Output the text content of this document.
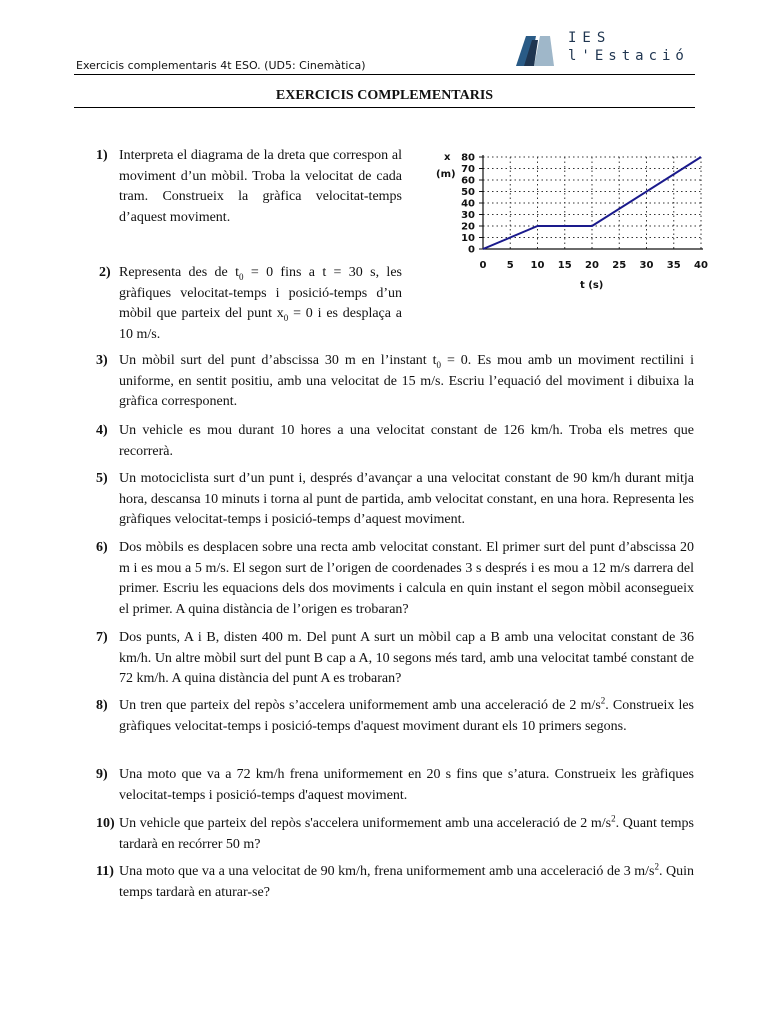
Exercicis complementaris 4t ESO. (UD5: Cinemàtica)
IES
l'Estació
EXERCICIS COMPLEMENTARIS
1) Interpreta el diagrama de la dreta que correspon al moviment d’un mòbil. Troba la velocitat de cada tram. Construeix la gràfica velocitat-temps d’aquest moviment.
2) Representa des de $t_0 = 0$ fins a t = 30 s, les gràfiques velocitat-temps i posició-temps d’un mòbil que parteix del punt $x_0 = 0$ i es desplaça a 10 m/s.
3) Un mòbil surt del punt d’abscissa 30 m en l’instant $t_0 = 0$. Es mou amb un moviment rectilini i uniforme, en sentit positiu, amb una velocitat de 15 m/s. Escriu l’equació del moviment i dibuixa la gràfica corresponent.
4) Un vehicle es mou durant 10 hores a una velocitat constant de 126 km/h. Troba els metres que recorrerà.
5) Un motociclista surt d’un punt i, després d’avançar a una velocitat constant de 90 km/h durant mitja hora, descansa 10 minuts i torna al punt de partida, amb velocitat constant, en una hora. Representa les gràfiques velocitat-temps i posició-temps d’aquest moviment.
6) Dos mòbils es desplacen sobre una recta amb velocitat constant. El primer surt del punt d’abscissa 20 m i es mou a 5 m/s. El segon surt de l’origen de coordenades 3 s després i es mou a 12 m/s darrera del primer. Escriu les equacions dels dos moviments i calcula en quin instant el segon mòbil aconsegueix el primer. A quina distància de l’origen es trobaran?
7) Dos punts, A i B, disten 400 m. Del punt A surt un mòbil cap a B amb una velocitat constant de 36 km/h. Un altre mòbil surt del punt B cap a A, 10 segons més tard, amb una velocitat també constant de 72 km/h. A quina distància del punt A es trobaran?
8) Un tren que parteix del repòs s’accelera uniformement amb una acceleració de 2 $m/s^2$. Construeix les gràfiques velocitat-temps i posició-temps d'aquest moviment durant els 10 primers segons.
9) Una moto que va a 72 km/h frena uniformement en 20 s fins que s’atura. Construeix les gràfiques velocitat-temps i posició-temps d'aquest moviment.
10) Un vehicle que parteix del repòs s'accelera uniformement amb una acceleració de 2 $m/s^2$. Quant temps tardarà en recórrer 50 m?
11) Una moto que va a una velocitat de 90 km/h, frena uniformement amb una acceleració de 3 $m/s^2$. Quin temps tardarà en aturar-se?
x
(m)
t (s)
0
10
20
30
40
50
60
70
80
0 5 10 15 20 25 30 35 40
